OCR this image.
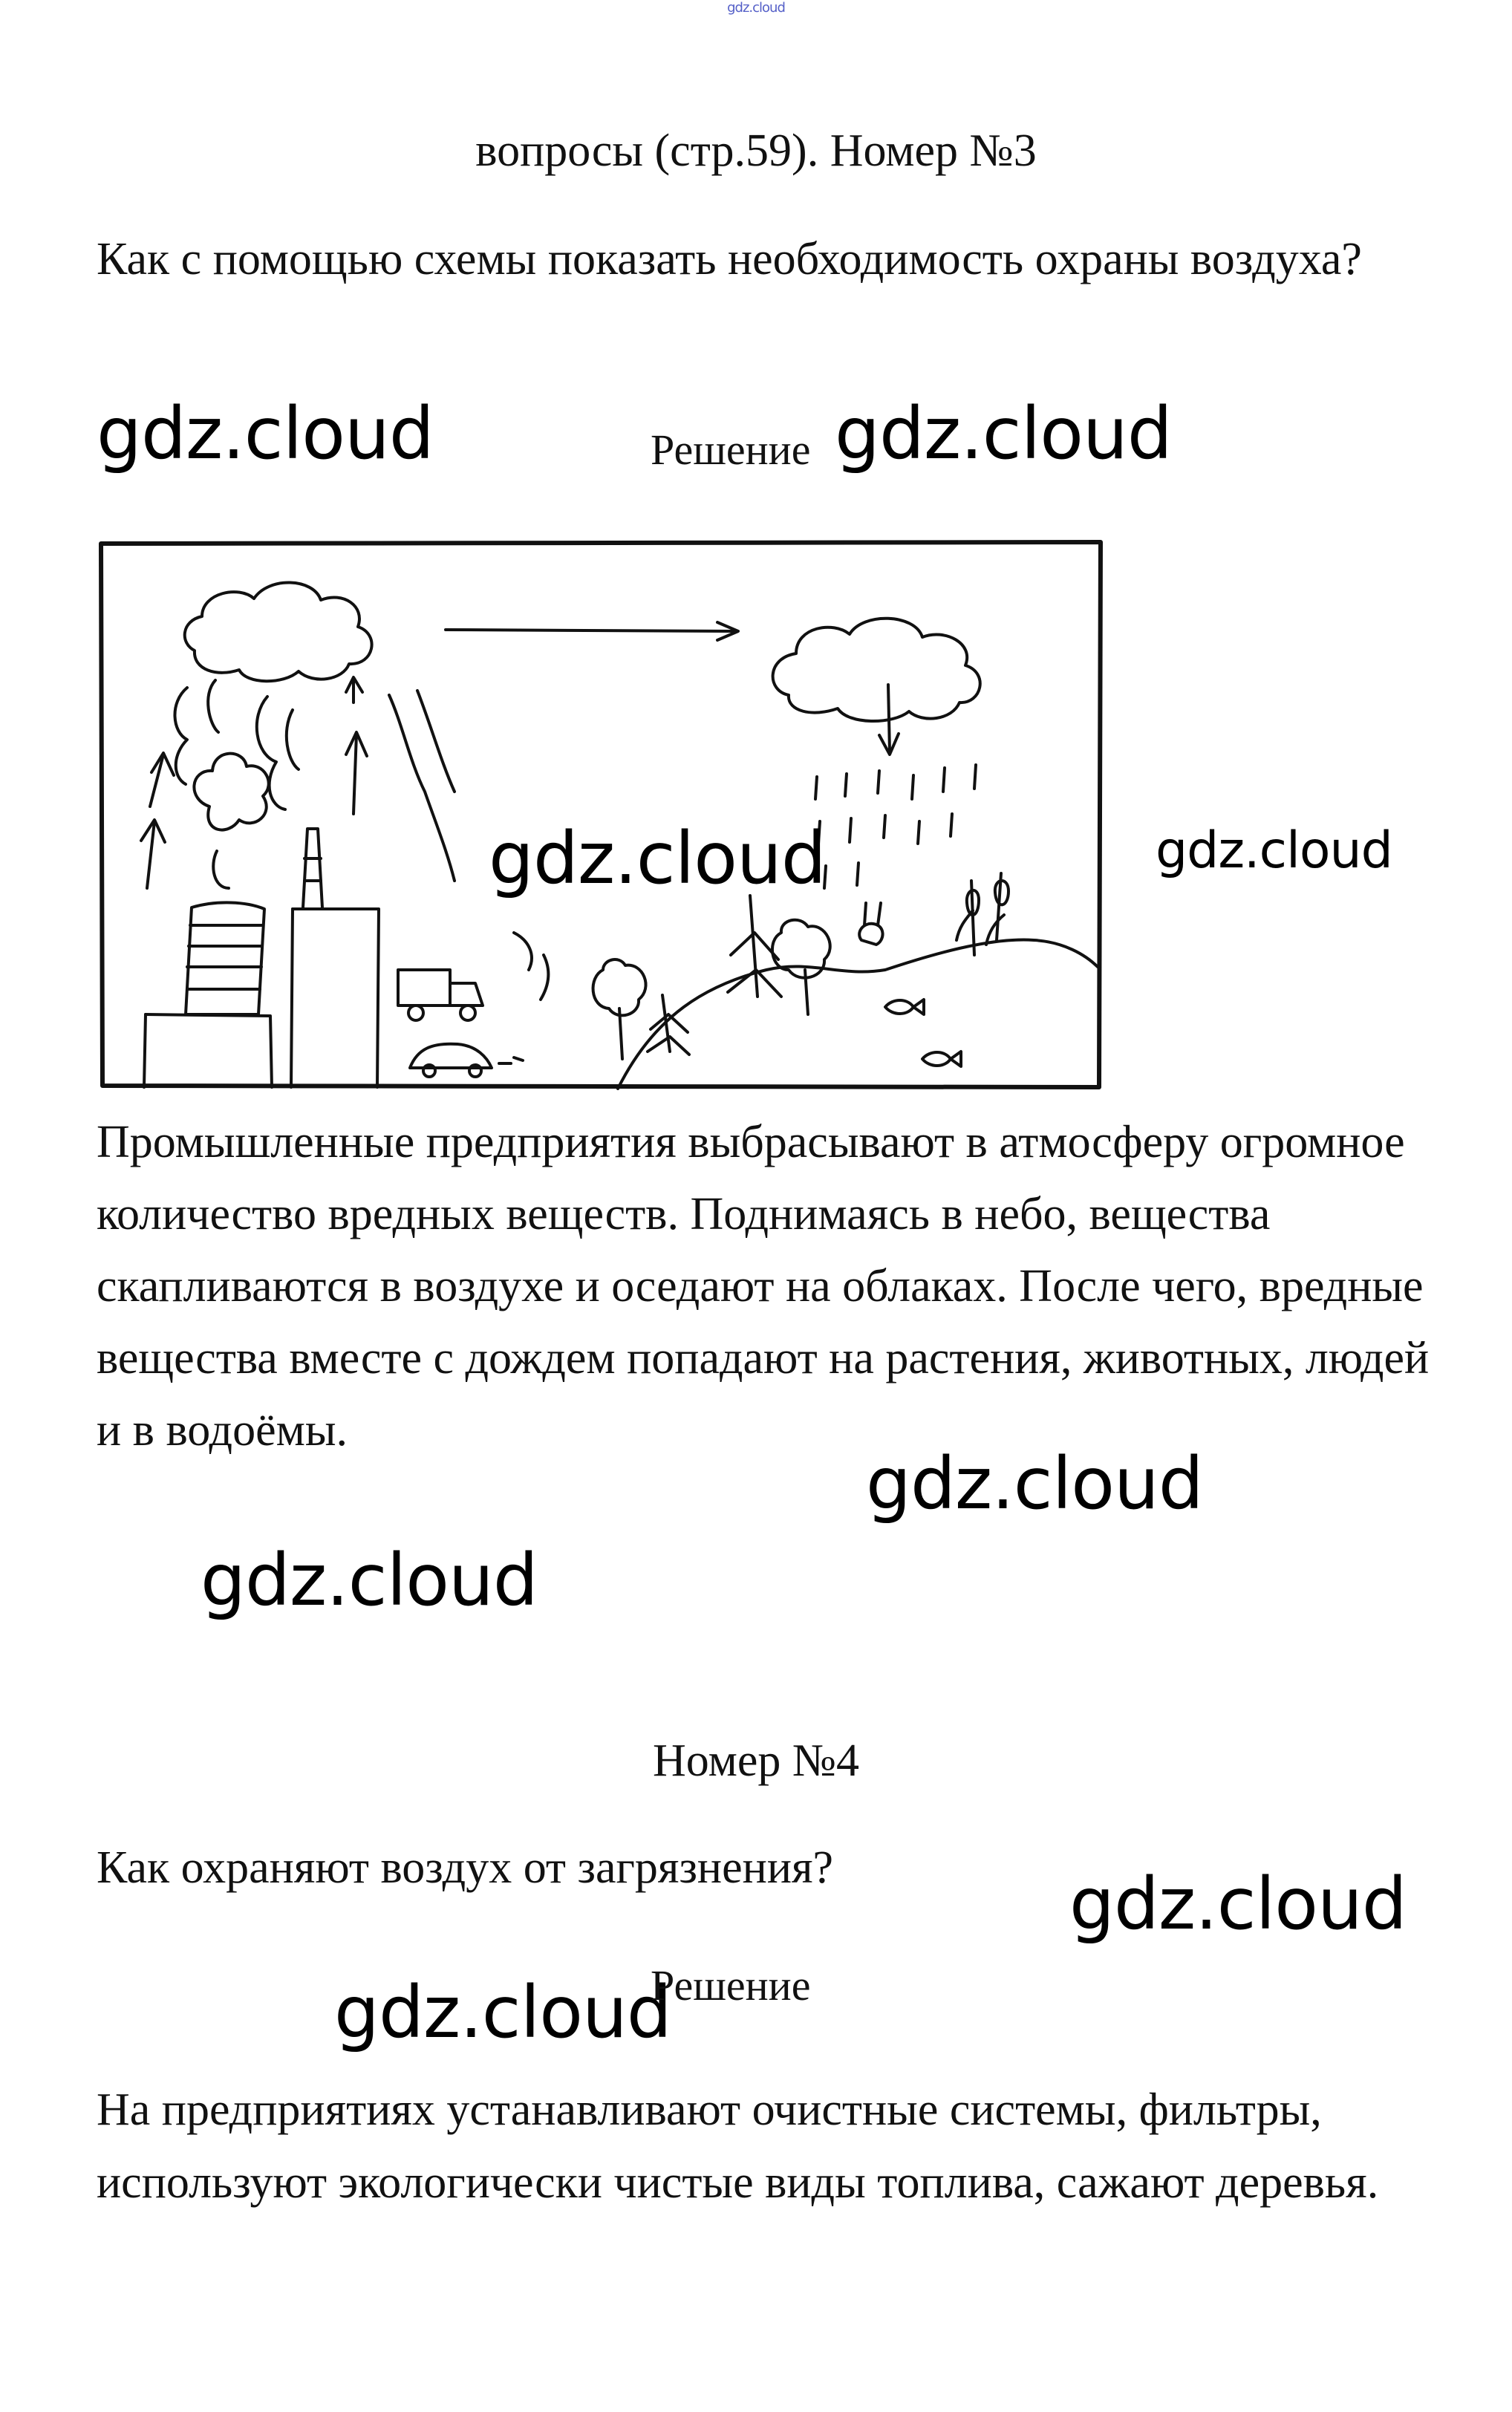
gdz.cloud
вопросы (стр.59). Номер №3

Как с помощью схемы показать необходимость охраны воздуха?

gdz.cloud	Решение gdz.cloud
gdz.cloud	gdz.cloud

Промышленные предприятия выбрасывают в атмосферу огромное количество вредных веществ. Поднимаясь в небо, вещества скапливаются в воздухе и оседают на облаках. После чего, вредные вещества вместе с дождем попадают на растения, животных, людей и в водоёмы.

gdz.cloud
gdz.cloud
Номер №4

Как охраняют воздух от загрязнения?	gdz.cloud
gdz.cloud
Решение

На предприятиях устанавливают очистные системы, фильтры, используют экологически чистые виды топлива, сажают деревья.
